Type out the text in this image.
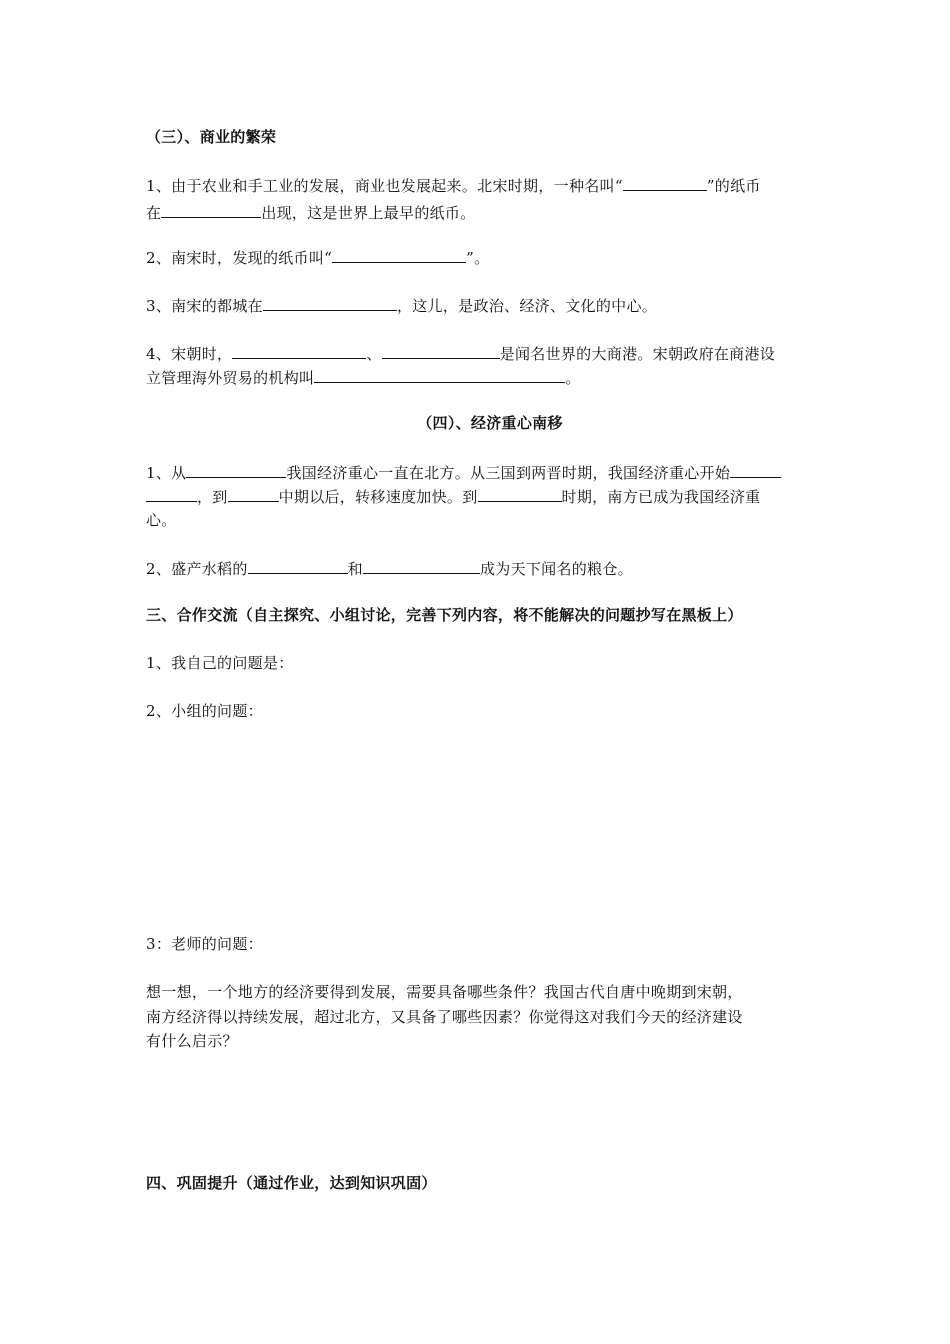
（三）、商业的繁荣
1、由于农业和手工业的发展，商业也发展起来。北宋时期，一种名叫“	”的纸币
在	出现，这是世界上最早的纸币。
2、南宋时，发现的纸币叫“	”。
3、南宋的都城在	，这儿，是政治、经济、文化的中心。
4、宋朝时，	、	是闻名世界的大商港。宋朝政府在商港设
立管理海外贸易的机构叫	。
（四）、经济重心南移
1、从	我国经济重心一直在北方。从三国到两晋时期，我国经济重心开始
，到	中期以后，转移速度加快。到	时期，南方已成为我国经济重
心。
2、盛产水稻的	和	成为天下闻名的粮仓。
三、合作交流（自主探究、小组讨论，完善下列内容，将不能解决的问题抄写在黑板上）
1、我自己的问题是：
2、小组的问题：
3：老师的问题：
想一想，一个地方的经济要得到发展，需要具备哪些条件？我国古代自唐中晚期到宋朝，
南方经济得以持续发展，超过北方，又具备了哪些因素？你觉得这对我们今天的经济建设
有什么启示？
四、巩固提升（通过作业，达到知识巩固）
